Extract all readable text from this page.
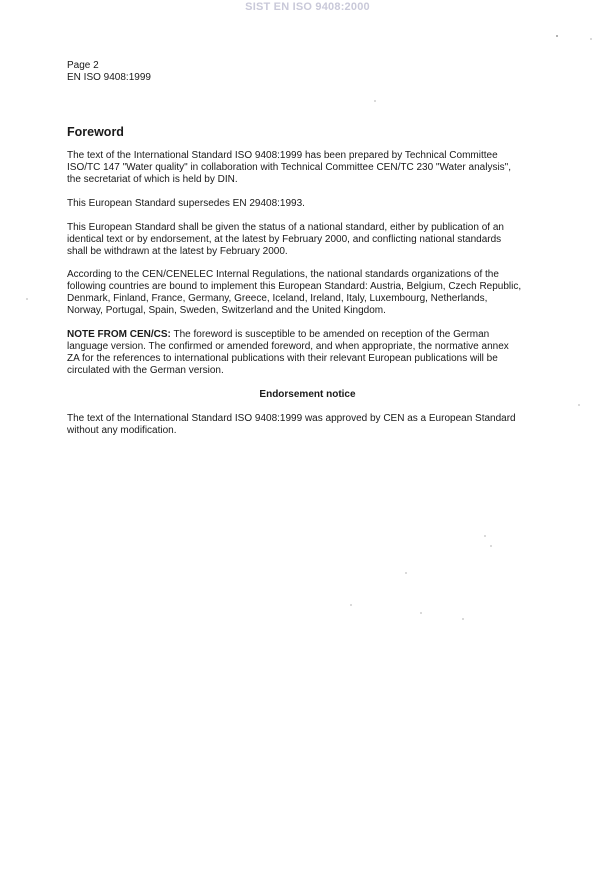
SIST EN ISO 9408:2000
Page 2
EN ISO 9408:1999
Foreword

The text of the International Standard ISO 9408:1999 has been prepared by Technical Committee
ISO/TC 147 "Water quality" in collaboration with Technical Committee CEN/TC 230 "Water analysis",
the secretariat of which is held by DIN.

This European Standard supersedes EN 29408:1993.

This European Standard shall be given the status of a national standard, either by publication of an
identical text or by endorsement, at the latest by February 2000, and conflicting national standards
shall be withdrawn at the latest by February 2000.

According to the CEN/CENELEC Internal Regulations, the national standards organizations of the
following countries are bound to implement this European Standard: Austria, Belgium, Czech Republic,
Denmark, Finland, France, Germany, Greece, Iceland, Ireland, Italy, Luxembourg, Netherlands,
Norway, Portugal, Spain, Sweden, Switzerland and the United Kingdom.

NOTE FROM CEN/CS: The foreword is susceptible to be amended on reception of the German
language version. The confirmed or amended foreword, and when appropriate, the normative annex
ZA for the references to international publications with their relevant European publications will be
circulated with the German version.

Endorsement notice

The text of the International Standard ISO 9408:1999 was approved by CEN as a European Standard
without any modification.
